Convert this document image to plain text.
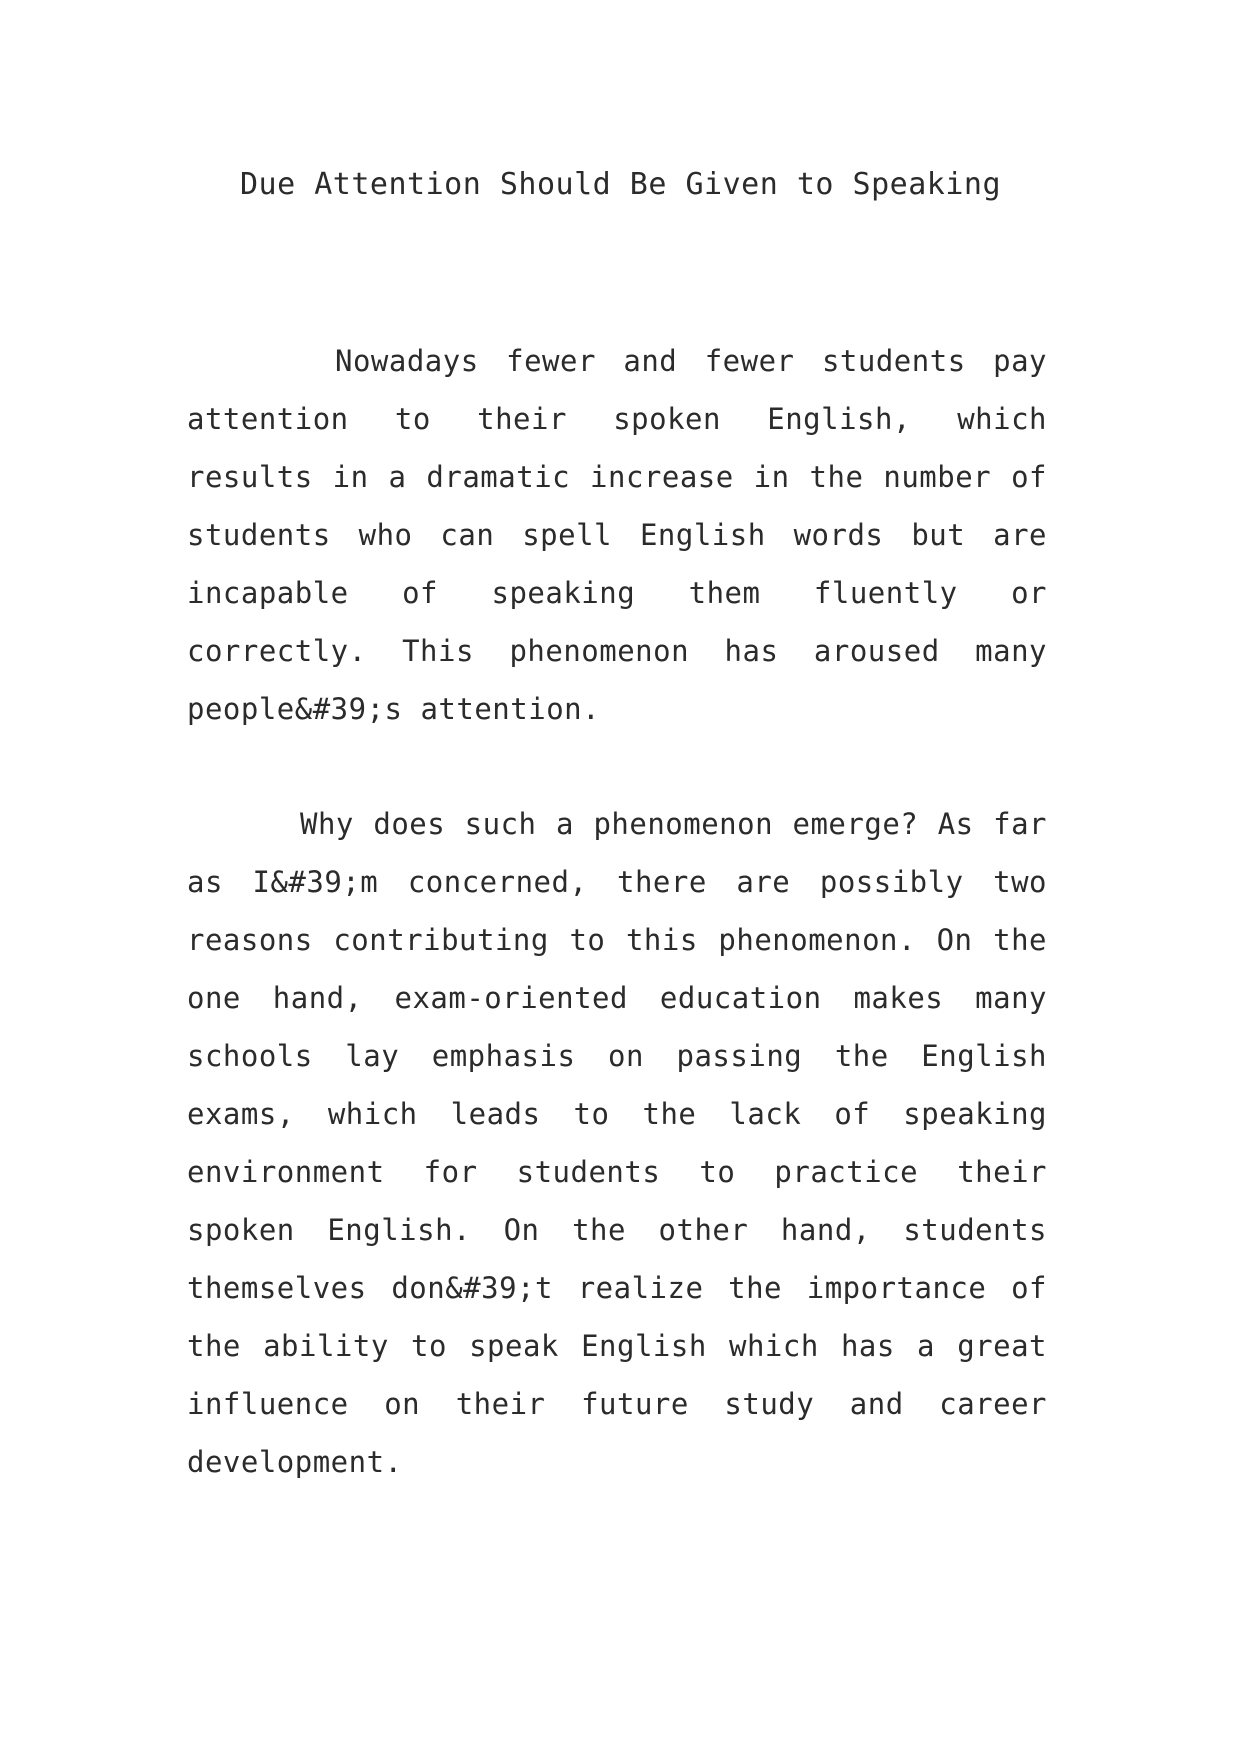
Due Attention Should Be Given to Speaking

Nowadays fewer and fewer students pay attention to their spoken English, which results in a dramatic increase in the number of students who can spell English words but are incapable of speaking them fluently or correctly. This phenomenon has aroused many people&#39;s attention.

Why does such a phenomenon emerge? As far as I&#39;m concerned, there are possibly two reasons contributing to this phenomenon. On the one hand, exam-oriented education makes many schools lay emphasis on passing the English exams, which leads to the lack of speaking environment for students to practice their spoken English. On the other hand, students themselves don&#39;t realize the importance of the ability to speak English which has a great influence on their future study and career development.
